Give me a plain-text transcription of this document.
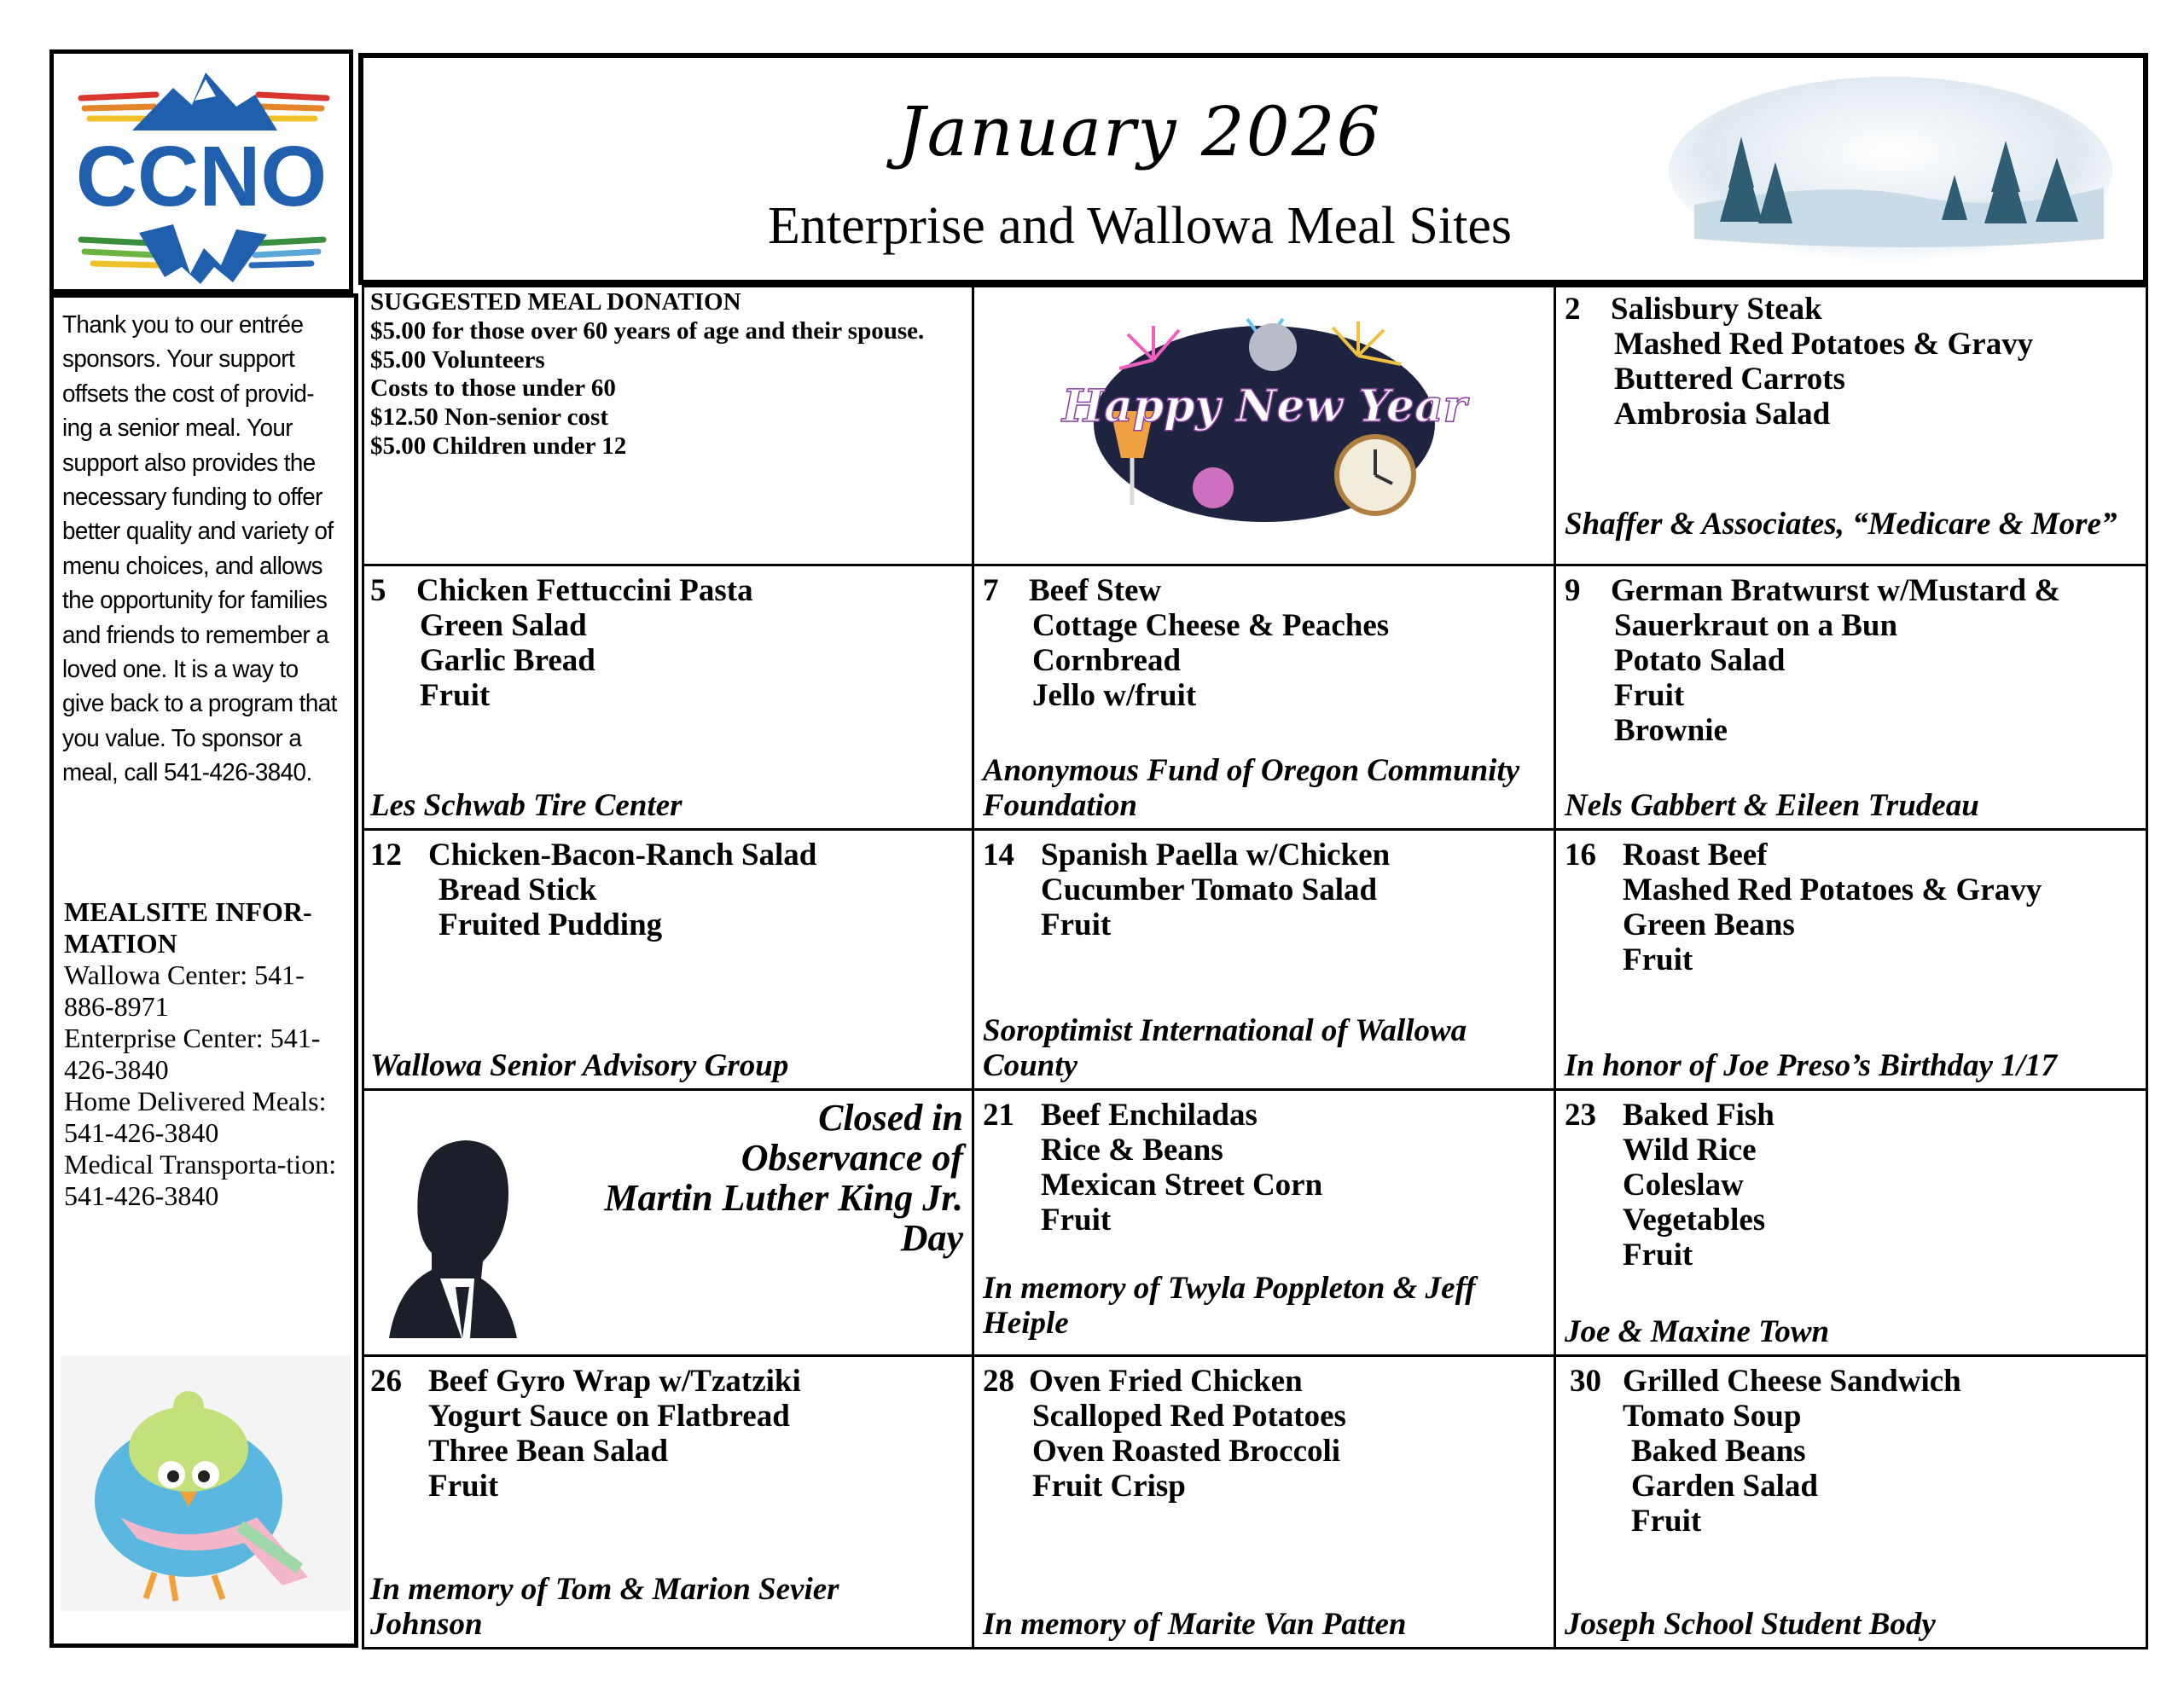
CCNO	January 2026
Enterprise and Wallowa Meal Sites
Thank you to our entrée sponsors. Your support offsets the cost of provid-ing a senior meal. Your support also provides the necessary funding to offer better quality and variety of menu choices, and allows the opportunity for families and friends to remember a loved one. It is a way to give back to a program that you value. To sponsor a meal, call 541-426-3840.
MEALSITE INFOR-MATION
Wallowa Center: 541-886-8971
Enterprise Center: 541-426-3840
Home Delivered Meals: 541-426-3840
Medical Transporta-tion:
541-426-3840
SUGGESTED MEAL DONATION
$5.00 for those over 60 years of age and their spouse.
$5.00 Volunteers
Costs to those under 60
$12.50 Non-senior cost
$5.00 Children under 12
Happy New Year
2 Salisbury Steak
Mashed Red Potatoes & Gravy
Buttered Carrots
Ambrosia Salad
Shaffer & Associates, “Medicare & More”
5 Chicken Fettuccini Pasta
Green Salad
Garlic Bread
Fruit
Les Schwab Tire Center
7 Beef Stew
Cottage Cheese & Peaches
Cornbread
Jello w/fruit
Anonymous Fund of Oregon Community Foundation
9 German Bratwurst w/Mustard &
Sauerkraut on a Bun
Potato Salad
Fruit
Brownie
Nels Gabbert & Eileen Trudeau
12 Chicken-Bacon-Ranch Salad
Bread Stick
Fruited Pudding
Wallowa Senior Advisory Group
14 Spanish Paella w/Chicken
Cucumber Tomato Salad
Fruit
Soroptimist International of Wallowa County
16 Roast Beef
Mashed Red Potatoes & Gravy
Green Beans
Fruit
In honor of Joe Preso’s Birthday 1/17
Closed in
Observance of
Martin Luther King Jr.
Day
21 Beef Enchiladas
Rice & Beans
Mexican Street Corn
Fruit
In memory of Twyla Poppleton & Jeff Heiple
23 Baked Fish
Wild Rice
Coleslaw
Vegetables
Fruit
Joe & Maxine Town
26 Beef Gyro Wrap w/Tzatziki
Yogurt Sauce on Flatbread
Three Bean Salad
Fruit
In memory of Tom & Marion Sevier Johnson
28 Oven Fried Chicken
Scalloped Red Potatoes
Oven Roasted Broccoli
Fruit Crisp
In memory of Marite Van Patten
30 Grilled Cheese Sandwich
Tomato Soup
Baked Beans
Garden Salad
Fruit
Joseph School Student Body
